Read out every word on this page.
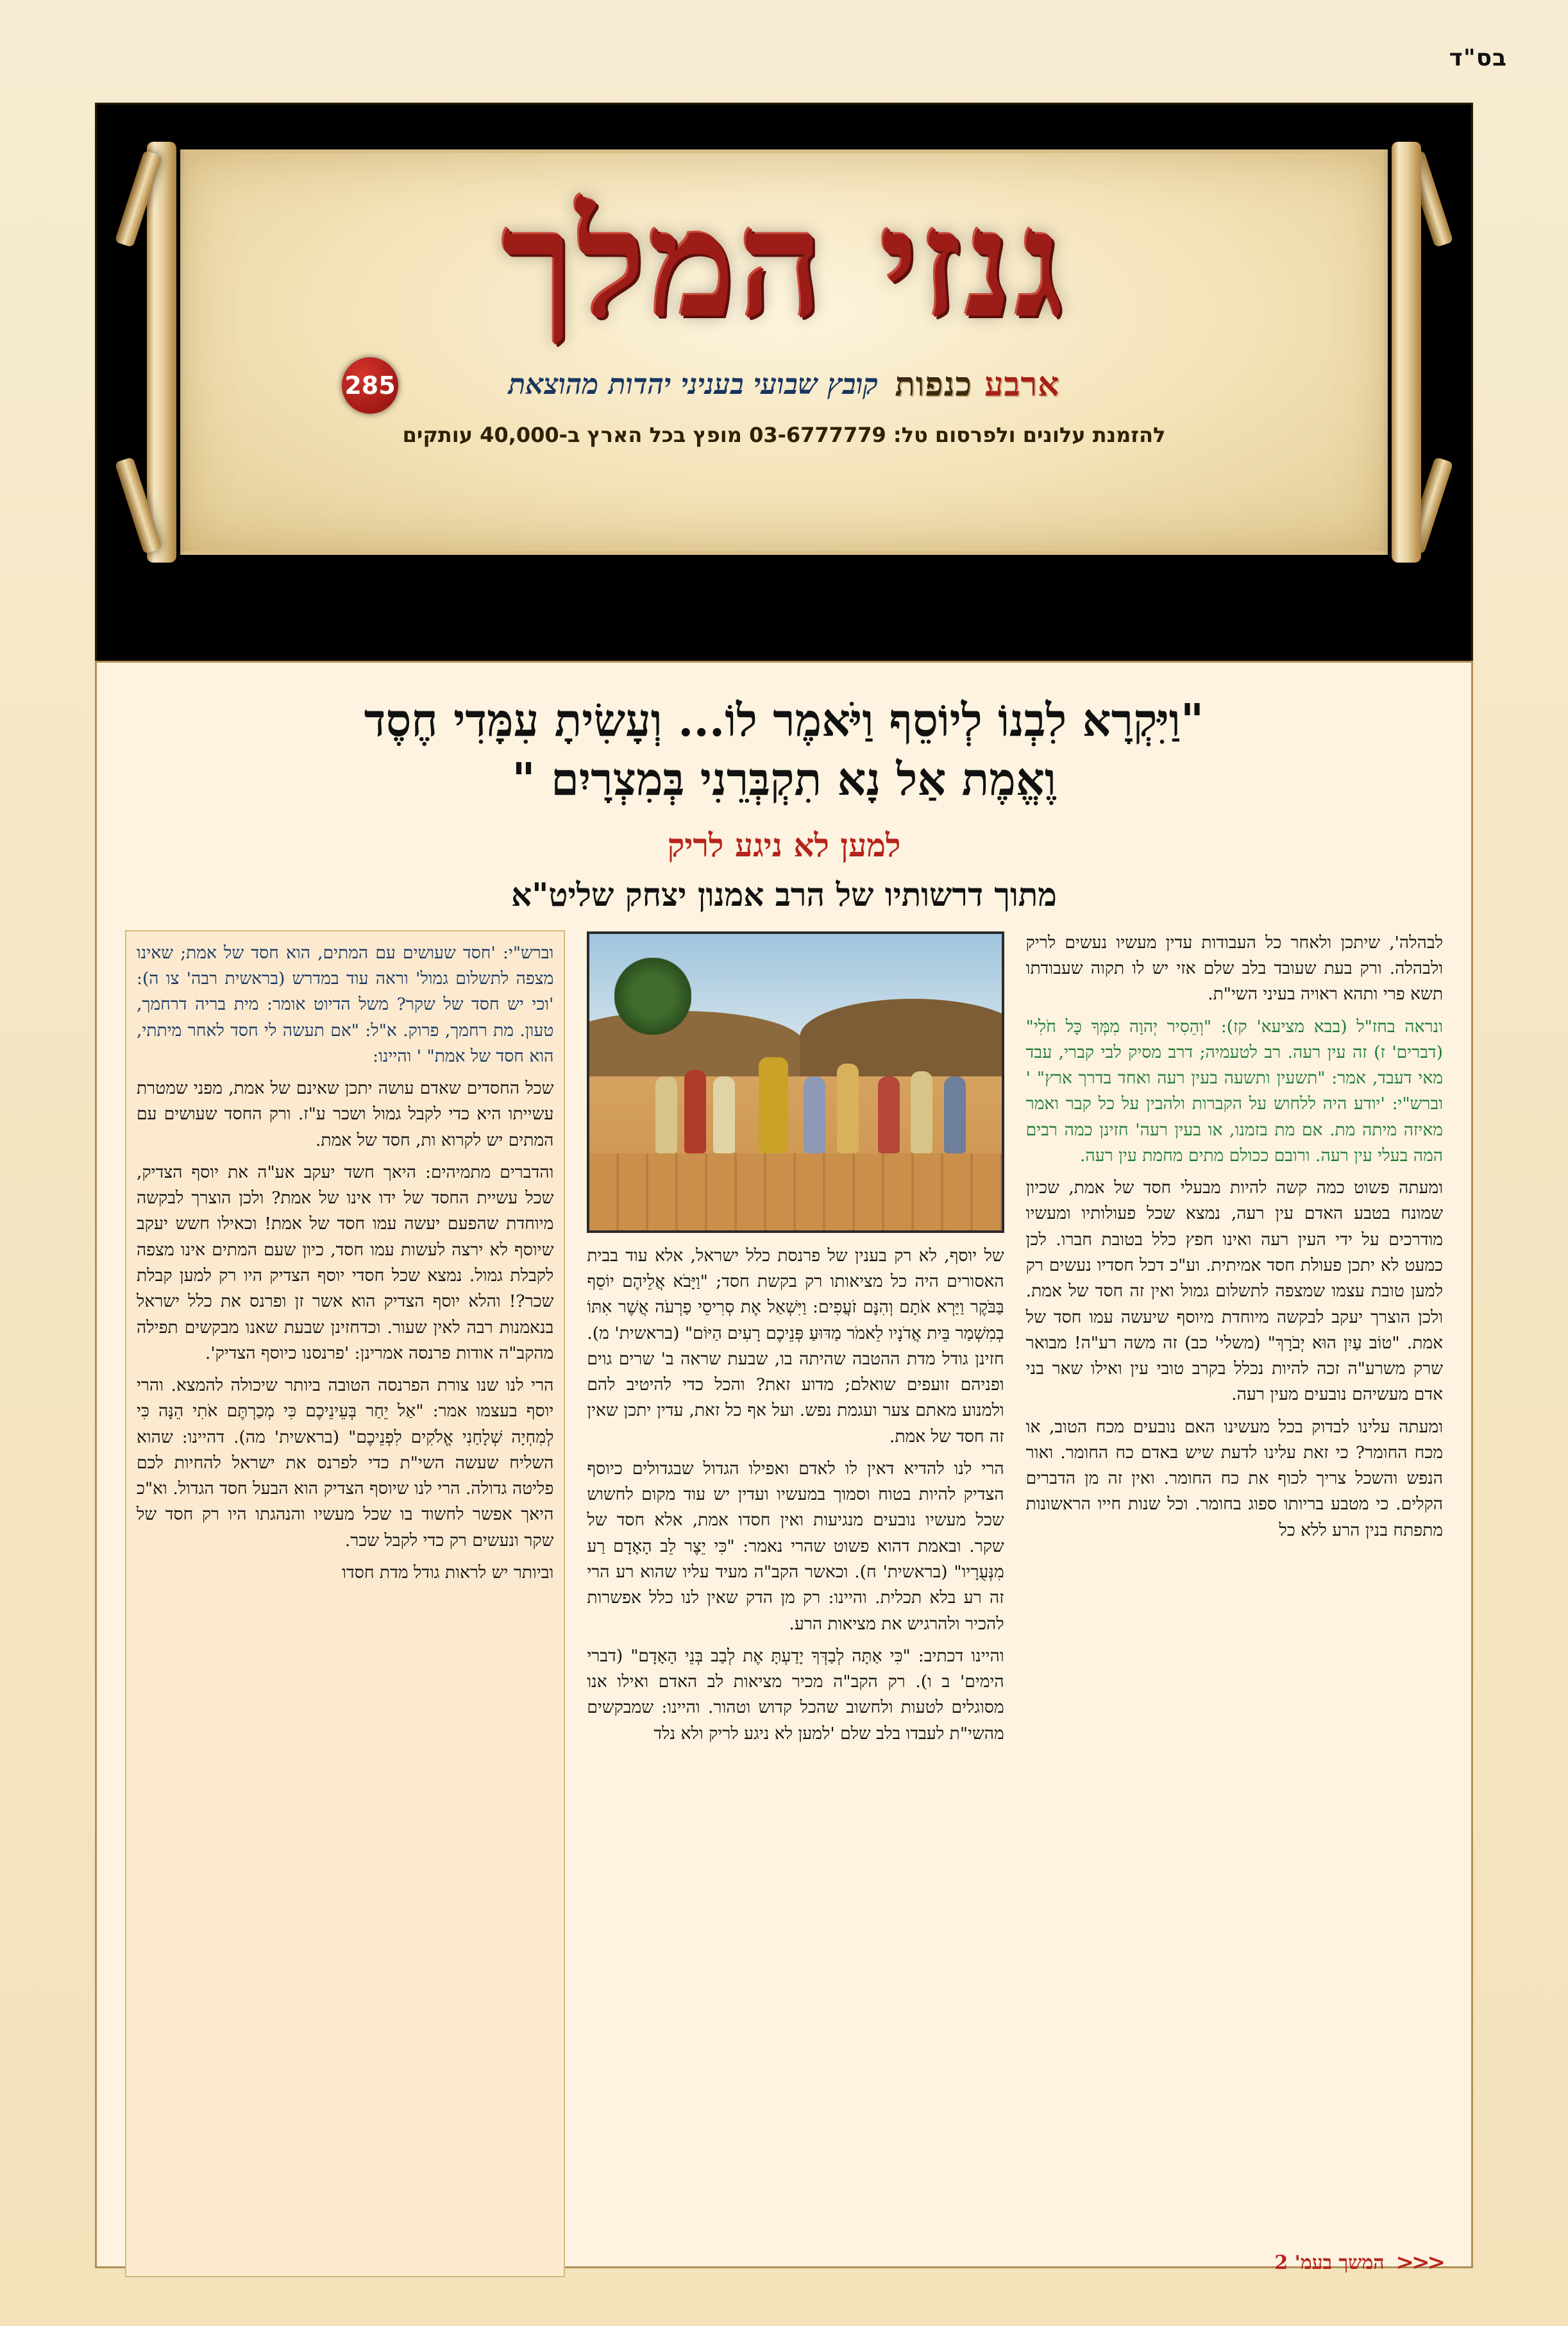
בס"ד
גנזי המלך
285	ארבע כנפות
קובץ שבועי בעניני יהדות מהוצאת
להזמנת עלונים ולפרסום טל: 03-6777779 מופץ בכל הארץ ב-40,000 עותקים
"וַיִּקְרָא לִבְנוֹ לְיוֹסֵף וַיֹּאמֶר לוֹ... וְעָשִׂיתָ עִמָּדִי חֶסֶד
וֶאֱמֶת אַל נָא תִקְבְּרֵנִי בְּמִצְרָיִם "
למען לא ניגע לריק
מתוך דרשותיו של הרב אמנון יצחק שליט"א

לבהלה', שיתכן ולאחר כל העבודות עדין מעשיו נעשים לריק ולבהלה. ורק בעת שעובד בלב שלם אזי יש לו תקוה שעבודתו תשא פרי ותהא ראויה בעיני השי"ת.

ונראה בחז"ל (בבא מציעא' קז): "וְהֵסִיר יְהוָה מִמְּךָ כָּל חֹלִי" (דברים' ז) זה עין רעה. רב לטעמיה; דרב מסיק לבי קברי, עבד מאי דעבד, אמר: "תשעין ותשעה בעין רעה ואחד בדרך ארץ" ' וברש"י: 'יודע היה ללחוש על הקברות ולהבין על כל קבר ואמר מאיזה מיתה מת. אם מת בזמנו, או בעין רעה' חזינן כמה רבים המה בעלי עין רעה. ורובם ככולם מתים מחמת עין רעה.

ומעתה פשוט כמה קשה להיות מבעלי חסד של אמת, שכיון שמונח בטבע האדם עין רעה, נמצא שכל פעולותיו ומעשיו מודרכים על ידי העין רעה ואינו חפץ כלל בטובת חברו. לכן כמעט לא יתכן פעולת חסד אמיתית. וע"כ דכל חסדיו נעשים רק למען טובת עצמו שמצפה לתשלום גמול ואין זה חסד של אמת. ולכן הוצרך יעקב לבקשה מיוחדת מיוסף שיעשה עמו חסד של אמת. "טוֹב עַיִן הוּא יְבֹרָךְ" (משלי' כב) זה משה רע"ה! מבואר שרק משרע"ה זכה להיות נכלל בקרב טובי עין ואילו שאר בני אדם מעשיהם נובעים מעין רעה.

ומעתה עלינו לבדוק בכל מעשינו האם נובעים מכח הטוב, או מכח החומר? כי זאת עלינו לדעת שיש באדם כח החומר. ואור הנפש והשכל צריך לכוף את כח החומר. ואין זה מן הדברים הקלים. כי מטבע בריותו ספוג בחומר. וכל שנות חייו הראשונות מתפתח בנין הרע ללא כל

<<<
המשך בעמ' 2

של יוסף, לא רק בענין של פרנסת כלל ישראל, אלא עוד בבית האסורים היה כל מציאותו רק בקשת חסד; "וַיָּבֹא אֲלֵיהֶם יוֹסֵף בַּבֹּקֶר וַיַּרְא אֹתָם וְהִנָּם זֹעֲפִים: וַיִּשְׁאַל אֶת סְרִיסֵי פַרְעֹה אֲשֶׁר אִתּוֹ בְמִשְׁמַר בֵּית אֲדֹנָיו לֵאמֹר מַדּוּעַ פְּנֵיכֶם רָעִים הַיּוֹם" (בראשית' מ). חזינן גודל מדת ההטבה שהיתה בו, שבעת שראה ב' שרים גוים ופניהם זועפים שואלם; מדוע זאת? והכל כדי להיטיב להם ולמנוע מאתם צער ועגמת נפש. ועל אף כל זאת, עדין יתכן שאין זה חסד של אמת.

הרי לנו להדיא דאין לו לאדם ואפילו הגדול שבגדולים כיוסף הצדיק להיות בטוח וסמוך במעשיו ועדין יש עוד מקום לחשוש שכל מעשיו נובעים מנגיעות ואין חסדו אמת, אלא חסד של שקר. ובאמת דהוא פשוט שהרי נאמר: "כִּי יֵצֶר לֵב הָאָדָם רַע מִנְּעֻרָיו" (בראשית' ח). וכאשר הקב"ה מעיד עליו שהוא רע הרי זה רע בלא תכלית. והיינו: רק מן הדק שאין לנו כלל אפשרות להכיר ולהרגיש את מציאות הרע.

והיינו דכתיב: "כִּי אַתָּה לְבַדְּךָ יָדַעְתָּ אֶת לְבַב בְּנֵי הָאָדָם" (דברי הימים' ב ו). רק הקב"ה מכיר מציאות לב האדם ואילו אנו מסוגלים לטעות ולחשוב שהכל קדוש וטהור. והיינו: שמבקשים מהשי"ת לעבדו בלב שלם 'למען לא ניגע לריק ולא נלד

וברש"י: 'חסד שעושים עם המתים, הוא חסד של אמת; שאינו מצפה לתשלום גמול' וראה עוד במדרש (בראשית רבה' צו ה): 'וכי יש חסד של שקר? משל הדיוט אומר: מית בריה דרחמך, טעון. מת רחמך, פרוק. א"ל: "אם תעשה לי חסד לאחר מיתתי, הוא חסד של אמת" ' והיינו:

שכל החסדים שאדם עושה יתכן שאינם של אמת, מפני שמטרת עשייתו היא כדי לקבל גמול ושכר ע"ז. ורק החסד שעושים עם המתים יש לקרוא ות, חסד של אמת.

והדברים מתמיהים: היאך חשד יעקב אע"ה את יוסף הצדיק, שכל עשיית החסד של ידו אינו של אמת? ולכן הוצרך לבקשה מיוחדת שהפעם יעשה עמו חסד של אמת! וכאילו חשש יעקב שיוסף לא ירצה לעשות עמו חסד, כיון שעם המתים אינו מצפה לקבלת גמול. נמצא שכל חסדי יוסף הצדיק היו רק למען קבלת שכר?! והלא יוסף הצדיק הוא אשר זן ופרנס את כלל ישראל בנאמנות רבה לאין שעור. וכדחזינן שבעת שאנו מבקשים תפילה מהקב"ה אודות פרנסה אמרינן: 'פרנסנו כיוסף הצדיק'.

הרי לנו שנו צורת הפרנסה הטובה ביותר שיכולה להמצא. והרי יוסף בעצמו אמר: "אַל יֵחַר בְּעֵינֵיכֶם כִּי מְכַרְתֶּם אֹתִי הֵנָּה כִּי לְמִחְיָה שְׁלָחַנִי אֱלֹקִים לִפְנֵיכֶם" (בראשית' מה). דהיינו: שהוא השליח שעשה השי"ת כדי לפרנס את ישראל להחיות לכם פליטה גדולה. הרי לנו שיוסף הצדיק הוא הבעל חסד הגדול. וא"כ היאך אפשר לחשוד בו שכל מעשיו והנהגתו היו רק חסד של שקר ונעשים רק כדי לקבל שכר.

וביותר יש לראות גודל מדת חסדו
